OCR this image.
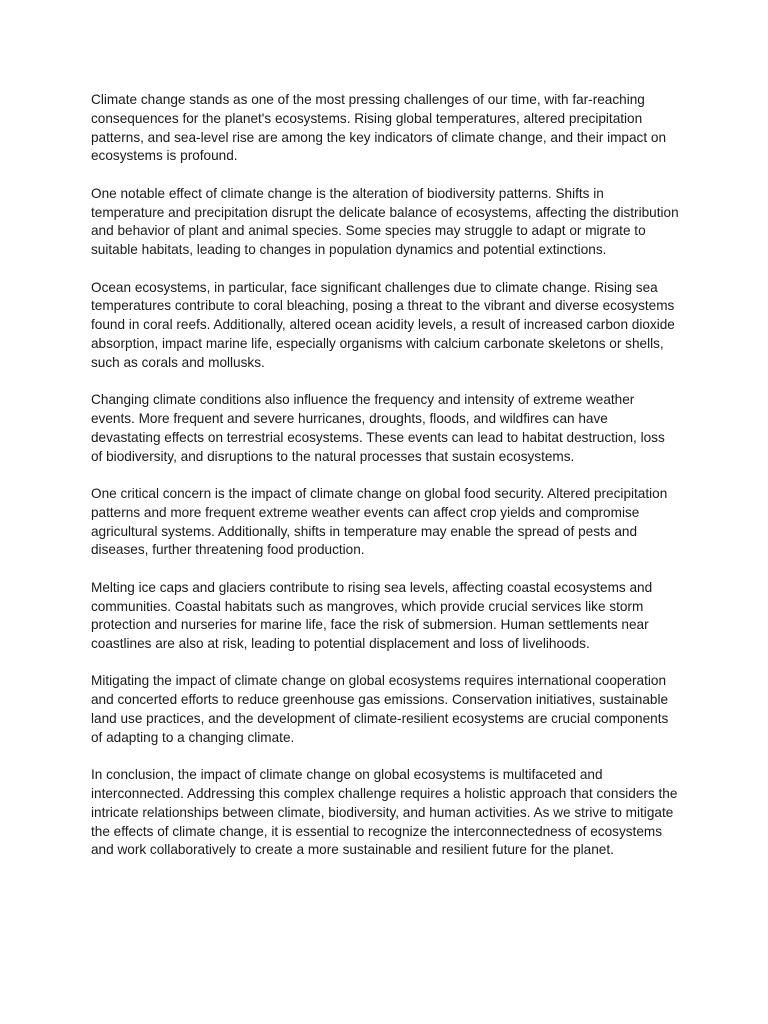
Climate change stands as one of the most pressing challenges of our time, with far-reaching consequences for the planet's ecosystems. Rising global temperatures, altered precipitation patterns, and sea-level rise are among the key indicators of climate change, and their impact on ecosystems is profound.

One notable effect of climate change is the alteration of biodiversity patterns. Shifts in temperature and precipitation disrupt the delicate balance of ecosystems, affecting the distribution and behavior of plant and animal species. Some species may struggle to adapt or migrate to suitable habitats, leading to changes in population dynamics and potential extinctions.

Ocean ecosystems, in particular, face significant challenges due to climate change. Rising sea temperatures contribute to coral bleaching, posing a threat to the vibrant and diverse ecosystems found in coral reefs. Additionally, altered ocean acidity levels, a result of increased carbon dioxide absorption, impact marine life, especially organisms with calcium carbonate skeletons or shells, such as corals and mollusks.

Changing climate conditions also influence the frequency and intensity of extreme weather events. More frequent and severe hurricanes, droughts, floods, and wildfires can have devastating effects on terrestrial ecosystems. These events can lead to habitat destruction, loss of biodiversity, and disruptions to the natural processes that sustain ecosystems.

One critical concern is the impact of climate change on global food security. Altered precipitation patterns and more frequent extreme weather events can affect crop yields and compromise agricultural systems. Additionally, shifts in temperature may enable the spread of pests and diseases, further threatening food production.

Melting ice caps and glaciers contribute to rising sea levels, affecting coastal ecosystems and communities. Coastal habitats such as mangroves, which provide crucial services like storm protection and nurseries for marine life, face the risk of submersion. Human settlements near coastlines are also at risk, leading to potential displacement and loss of livelihoods.

Mitigating the impact of climate change on global ecosystems requires international cooperation and concerted efforts to reduce greenhouse gas emissions. Conservation initiatives, sustainable land use practices, and the development of climate-resilient ecosystems are crucial components of adapting to a changing climate.

In conclusion, the impact of climate change on global ecosystems is multifaceted and interconnected. Addressing this complex challenge requires a holistic approach that considers the intricate relationships between climate, biodiversity, and human activities. As we strive to mitigate the effects of climate change, it is essential to recognize the interconnectedness of ecosystems and work collaboratively to create a more sustainable and resilient future for the planet.
